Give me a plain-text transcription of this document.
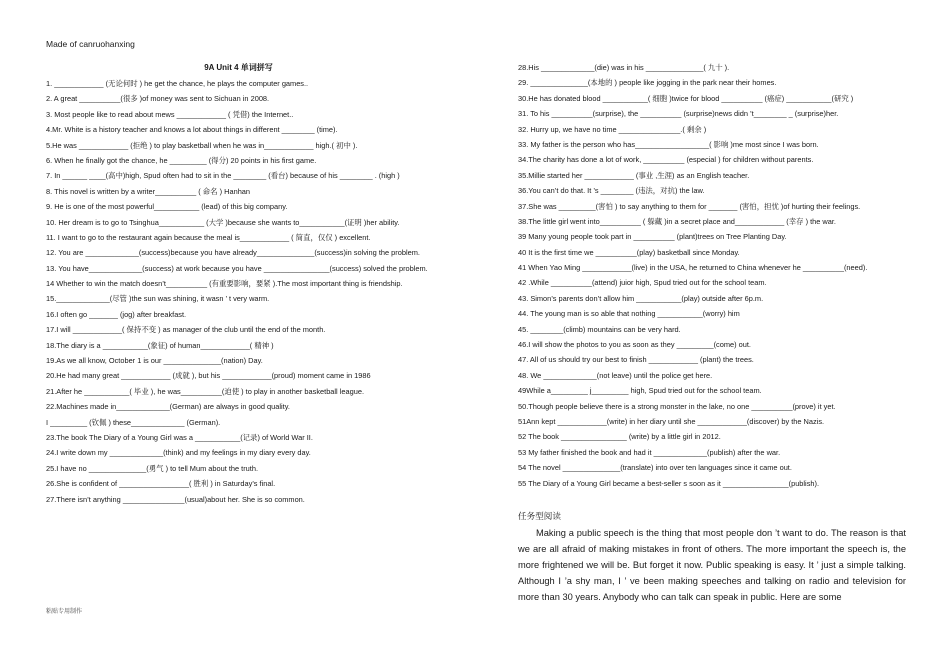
Made of canruohanxing
9A Unit 4 单词拼写
1. ____________ (无论何时 ) he get the chance, he plays the computer games..
2. A great __________(很多 )of money was sent to Sichuan in 2008.
3. Most people like to read about mews ____________ ( 凭借) the Internet..
4.Mr. White is a history teacher and knows a lot about things in different ________ (time).
5.He was ____________ (拒绝 ) to play basketball when he was in____________ high.( 初中 ).
6. When he finally got the chance, he _________ (得分) 20 points in his first game.
7. In ______ ____(高中)high, Spud often had to sit in the ________ (看台) because of his ________ . (high )
8. This novel is written by a writer__________ ( 命名 ) Hanhan
9. He is one of the most powerful___________ (lead) of this big company.
10. Her dream is to go to Tsinghua___________ (大学 )because she wants to___________(证明 )her ability.
11. I want to go to the restaurant again because the meal is____________ ( 简直，仅仅 ) excellent.
12. You are _____________(success)because you have already______________(success)in solving the problem.
13. You have_____________(success) at work because you have ________________(success) solved the problem.
14 Whether to win the match doesn’t__________ (有重要影响，要紧 ).The most important thing is friendship.
15._____________(尽管 )the sun was shining, it wasn ’ t very warm.
16.I often go _______ (jog) after breakfast.
17.I will ____________( 保持不变 ) as manager of the club until the end of the month.
18.The diary is a ___________(象征) of human____________( 精神 )
19.As we all know, October 1 is our ______________(nation) Day.
20.He had many great ____________ (成就 ), but his ____________(proud) moment came in 1986
21.After he ___________( 毕业 ), he was__________(迫使 ) to play in another basketball league.
22.Machines made in_____________(German) are always in good quality.
I _________ (钦佩 ) these_____________ (German).
23.The book The Diary of a Young Girl was a ___________(记录) of World War II.
24.I write down my _____________(think) and my feelings in my diary every day.
25.I have no ______________(勇气 ) to tell Mum about the truth.
26.She is confident of _________________( 胜利 ) in Saturday’s final.
27.There isn’t anything _______________(usual)about her. She is so common.
28.His _____________(die) was in his ______________( 九十 ).
29. ______________(本地的 ) people like jogging in the park near their homes.
30.He has donated blood ___________( 细胞 )twice for blood __________ (癌症) ___________(研究 )
31. To his __________(surprise), the __________ (surprise)news didn ’t________ _ (surprise)her.
32. Hurry up, we have no time _______________.( 剩余 )
33. My father is the person who has__________________( 影响 )me most since I was born.
34.The charity has done a lot of work, __________ (especial ) for children without parents.
35.Millie started her ____________ (事业 ,生涯) as an English teacher.
36.You can’t do that. It ’s ________ (违法，对抗) the law.
37.She was _________(害怕 ) to say anything to them for _______ (害怕，担忧 )of hurting their feelings.
38.The little girl went into__________ ( 躲藏 )in a secret place and____________ (幸存 ) the war.
39 Many young people took part in __________ (plant)trees on Tree Planting Day.
40 It is the first time we __________(play) basketball since Monday.
41 When Yao Ming ____________(live) in the USA, he returned to China whenever he __________(need).
42 .While __________(attend) juior high, Spud tried out for the school team.
43. Simon’s parents don’t allow him ___________(play) outside after 6p.m.
44. The young man is so able that nothing ___________(worry) him
45. ________(climb) mountains can be very hard.
46.I will show the photos to you as soon as they _________(come) out.
47. All of us should try our best to finish ____________ (plant) the trees.
48. We _____________(not leave) until the police get here.
49While a_________ j_________ high, Spud tried out for the school team.
50.Though people believe there is a strong monster in the lake, no one __________(prove) it yet.
51Ann kept ____________(write) in her diary until she ____________(discover) by the Nazis.
52 The book ________________ (write) by a little girl in 2012.
53 My father finished the book and had it _____________(publish) after the war.
54 The novel ______________(translate) into over ten languages since it came out.
55 The Diary of a Young Girl became a best-seller s soon as it ________________(publish).
任务型阅读

Making a public speech is the thing that most people don ’t want to do. The reason is that we are all afraid of making mistakes in front of others. The more important the speech is, the more frightened we will be. But forget it now. Public speaking is easy. It ’ just a simple talking. Although I ’a shy man, I ’ ve been making speeches and talking on radio and television for more than 30 years. Anybody who can talk can speak in public. Here are some

粘贴专用制作
